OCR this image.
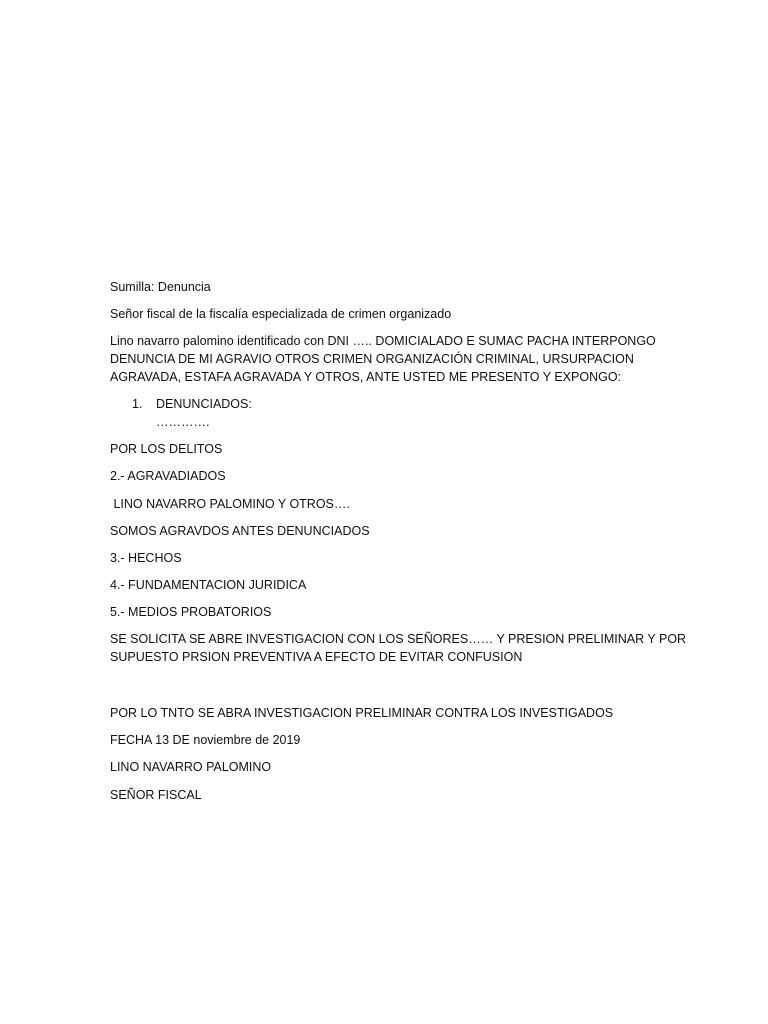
Sumilla: Denuncia

Señor fiscal de la fiscalía especializada de crimen organizado

Lino navarro palomino identificado con DNI ….. DOMICIALADO E SUMAC PACHA INTERPONGO
DENUNCIA DE MI AGRAVIO OTROS CRIMEN ORGANIZACIÓN CRIMINAL, URSURPACION
AGRAVADA, ESTAFA AGRAVADA Y OTROS, ANTE USTED ME PRESENTO Y EXPONGO:
1. DENUNCIADOS:
………….

POR LOS DELITOS

2.- AGRAVADIADOS

LINO NAVARRO PALOMINO Y OTROS….

SOMOS AGRAVDOS ANTES DENUNCIADOS

3.- HECHOS

4.- FUNDAMENTACION JURIDICA

5.- MEDIOS PROBATORIOS

SE SOLICITA SE ABRE INVESTIGACION CON LOS SEÑORES…… Y PRESION PRELIMINAR Y POR
SUPUESTO PRSION PREVENTIVA A EFECTO DE EVITAR CONFUSION

POR LO TNTO SE ABRA INVESTIGACION PRELIMINAR CONTRA LOS INVESTIGADOS

FECHA 13 DE noviembre de 2019

LINO NAVARRO PALOMINO

SEÑOR FISCAL
